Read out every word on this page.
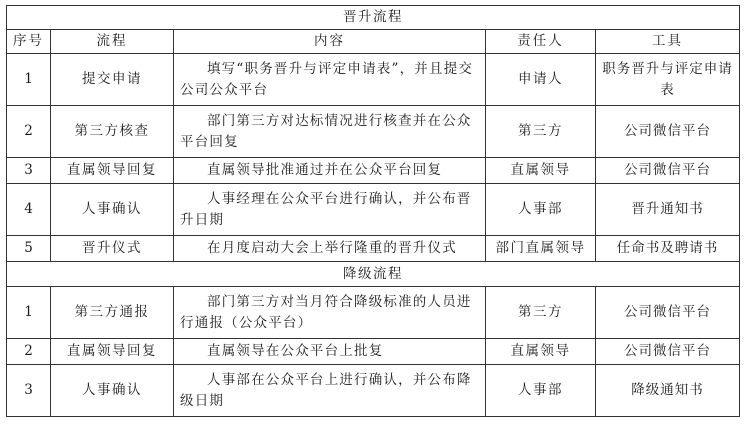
晋升流程				
序号	流程	内容	责任人	工具
1	提交申请	填写“职务晋升与评定申请表”，并且提交公司公众平台	申请人	职务晋升与评定申请表
2	第三方核查	部门第三方对达标情况进行核查并在公众平台回复	第三方	公司微信平台
3	直属领导回复	直属领导批准通过并在公众平台回复	直属领导	公司微信平台
4	人事确认	人事经理在公众平台进行确认，并公布晋升日期	人事部	晋升通知书
5	晋升仪式	在月度启动大会上举行隆重的晋升仪式	部门直属领导	任命书及聘请书
降级流程				
1	第三方通报	部门第三方对当月符合降级标准的人员进行通报（公众平台）	第三方	公司微信平台
2	直属领导回复	直属领导在公众平台上批复	直属领导	公司微信平台
3	人事确认	人事部在公众平台上进行确认，并公布降级日期	人事部	降级通知书
